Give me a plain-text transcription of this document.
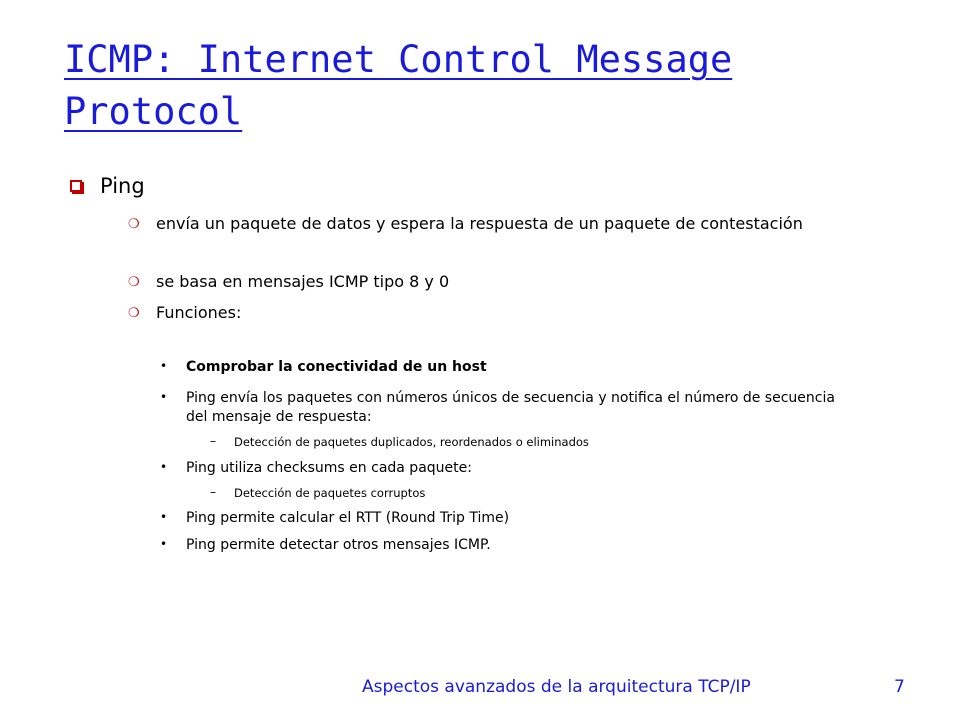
ICMP: Internet Control Message Protocol
Ping
❍	envía un paquete de datos y espera la respuesta de un paquete de contestación
❍	se basa en mensajes ICMP tipo 8 y 0
❍	Funciones:
•	Comprobar la conectividad de un host
•	Ping envía los paquetes con números únicos de secuencia y notifica el número de secuencia del mensaje de respuesta:
–	Detección de paquetes duplicados, reordenados o eliminados
•	Ping utiliza checksums en cada paquete:
–	Detección de paquetes corruptos
•	Ping permite calcular el RTT (Round Trip Time)
•	Ping permite detectar otros mensajes ICMP.
Aspectos avanzados de la arquitectura TCP/IP	7
